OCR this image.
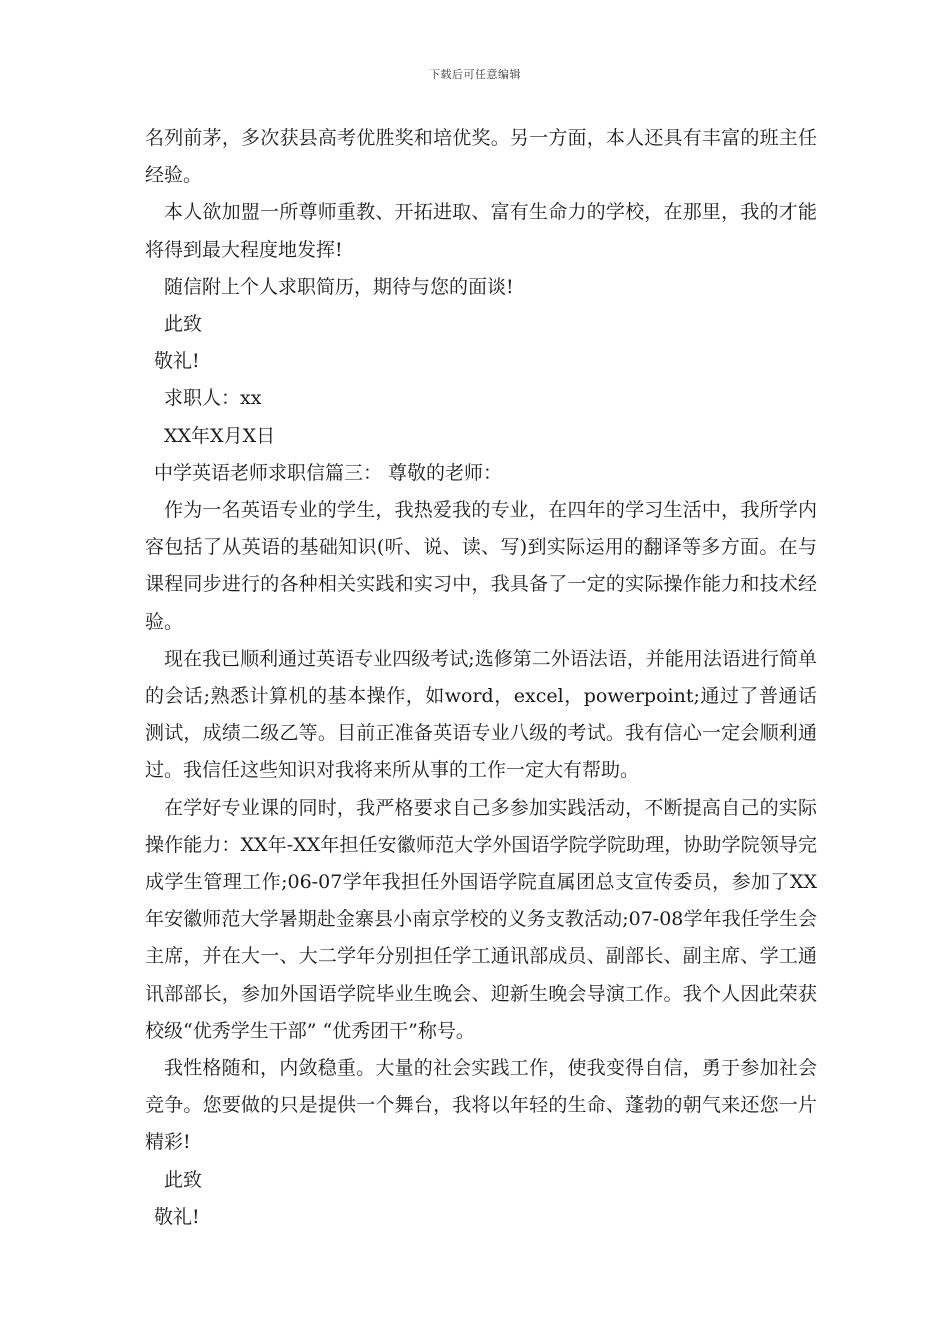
下载后可任意编辑

名列前茅，多次获县高考优胜奖和培优奖。另一方面，本人还具有丰富的班主任经验。

本人欲加盟一所尊师重教、开拓进取、富有生命力的学校，在那里，我的才能将得到最大程度地发挥!

随信附上个人求职简历，期待与您的面谈!

此致

敬礼!

求职人：xx

XX年X月X日

中学英语老师求职信篇三： 尊敬的老师：

作为一名英语专业的学生，我热爱我的专业，在四年的学习生活中，我所学内容包括了从英语的基础知识(听、说、读、写)到实际运用的翻译等多方面。在与课程同步进行的各种相关实践和实习中，我具备了一定的实际操作能力和技术经验。

现在我已顺利通过英语专业四级考试;选修第二外语法语，并能用法语进行简单的会话;熟悉计算机的基本操作，如word，excel，powerpoint;通过了普通话测试，成绩二级乙等。目前正准备英语专业八级的考试。我有信心一定会顺利通过。我信任这些知识对我将来所从事的工作一定大有帮助。

在学好专业课的同时，我严格要求自己多参加实践活动，不断提高自己的实际操作能力：XX年-XX年担任安徽师范大学外国语学院学院助理，协助学院领导完成学生管理工作;06-07学年我担任外国语学院直属团总支宣传委员，参加了XX年安徽师范大学暑期赴金寨县小南京学校的义务支教活动;07-08学年我任学生会主席，并在大一、大二学年分别担任学工通讯部成员、副部长、副主席、学工通讯部部长，参加外国语学院毕业生晚会、迎新生晚会导演工作。我个人因此荣获校级“优秀学生干部” “优秀团干”称号。

我性格随和，内敛稳重。大量的社会实践工作，使我变得自信，勇于参加社会竞争。您要做的只是提供一个舞台，我将以年轻的生命、蓬勃的朝气来还您一片精彩!

此致

敬礼!
